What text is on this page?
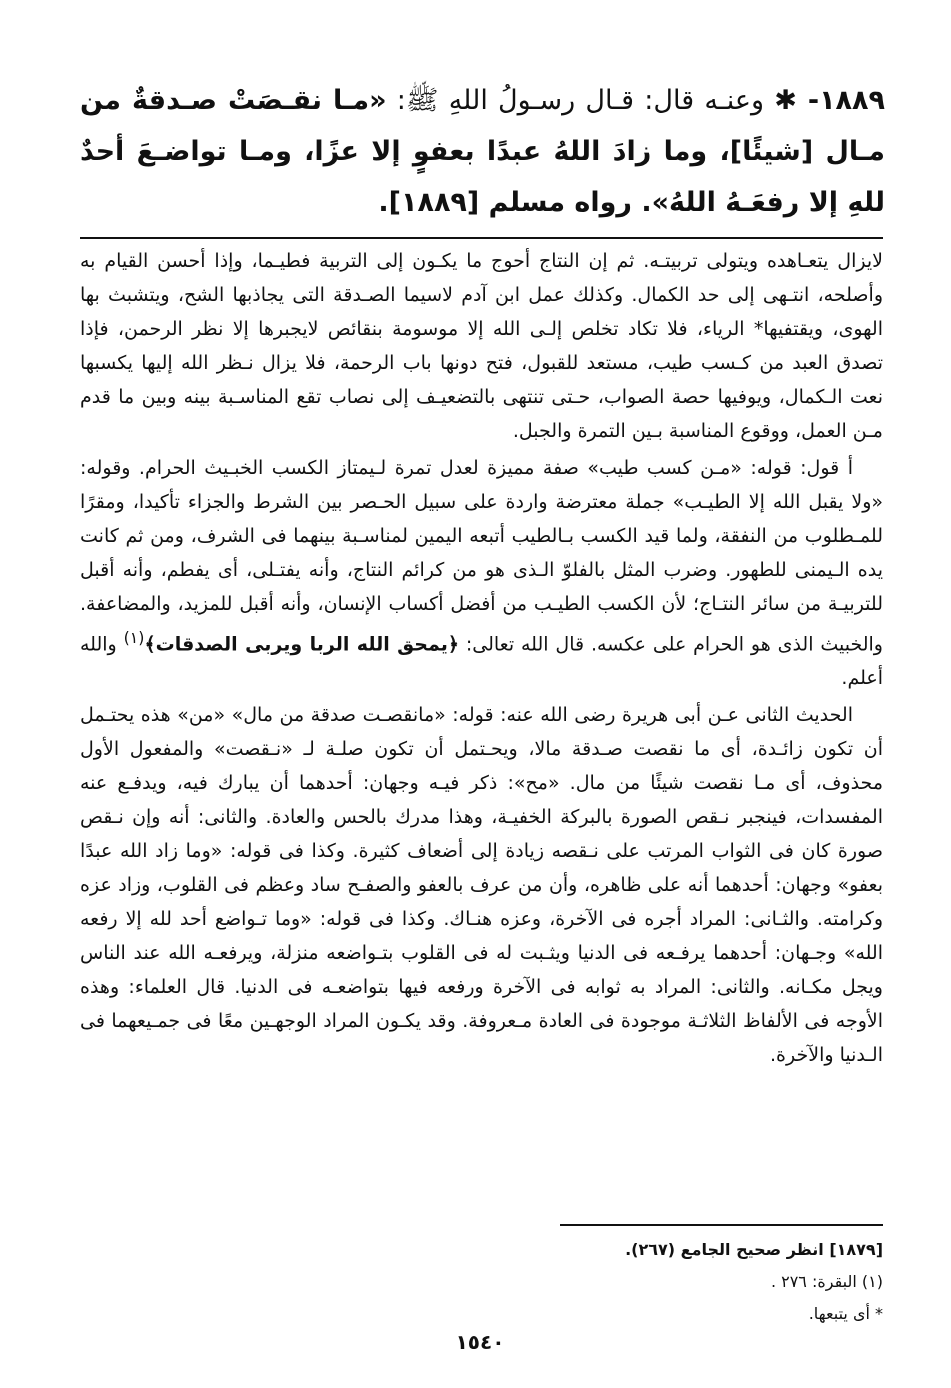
١٨٨٩- ✱ وعنـه قال: قـال رسـولُ اللهِ ﷺ: «مـا نقـصَتْ صـدقةٌ من مـال [شيئًا]، وما زادَ اللهُ عبدًا بعفوٍ إلا عزًا، ومـا تواضـعَ أحدٌ للهِ إلا رفعَـهُ اللهُ». رواه مسلم [١٨٨٩].

لايزال يتعـاهده ويتولى تربيتـه. ثم إن النتاج أحوج ما يكـون إلى التربية فطيـما، وإذا أحسن القيام به وأصلحه، انتـهى إلى حد الكمال. وكذلك عمل ابن آدم لاسيما الصـدقة التى يجاذبها الشح، ويتشبث بها الهوى، ويقتفيها* الرياء، فلا تكاد تخلص إلـى الله إلا موسومة بنقائص لايجبرها إلا نظر الرحمن، فإذا تصدق العبد من كـسب طيب، مستعد للقبول، فتح دونها باب الرحمة، فلا يزال نـظر الله إليها يكسبها نعت الـكمال، ويوفيها حصة الصواب، حـتى تنتهى بالتضعيـف إلى نصاب تقع المناسـبة بينه وبين ما قدم مـن العمل، ووقوع المناسبة بـين التمرة والجبل.

أ قول: قوله: «مـن كسب طيب» صفة مميزة لعدل تمرة لـيمتاز الكسب الخبـيث الحرام. وقوله: «ولا يقبل الله إلا الطيـب» جملة معترضة واردة على سبيل الحـصر بين الشرط والجزاء تأكيدا، ومقرًا للمـطلوب من النفقة، ولما قيد الكسب بـالطيب أتبعه اليمين لمناسـبة بينهما فى الشرف، ومن ثم كانت يده الـيمنى للطهور. وضرب المثل بالفلوّ الـذى هو من كرائم النتاج، وأنه يفتـلى، أى يفطم، وأنه أقبل للتربيـة من سائر النتـاج؛ لأن الكسب الطيـب من أفضل أكساب الإنسان، وأنه أقبل للمزيد، والمضاعفة. والخبيث الذى هو الحرام على عكسه. قال الله تعالى: ﴿يمحق الله الربا ويربى الصدقات﴾$^{(١)}$ والله أعلم.

الحديث الثانى عـن أبى هريرة رضى الله عنه: قوله: «مانقصـت صدقة من مال» «من» هذه يحتـمل أن تكون زائـدة، أى ما نقصت صـدقة مالا، ويحـتمل أن تكون صلـة لـ «نـقصت» والمفعول الأول محذوف، أى مـا نقصت شيئًا من مال. «مح»: ذكر فيـه وجهان: أحدهما أن يبارك فيه، ويدفـع عنه المفسدات، فينجبر نـقص الصورة بالبركة الخفيـة، وهذا مدرك بالحس والعادة. والثانى: أنه وإن نـقص صورة كان فى الثواب المرتب على نـقصه زيادة إلى أضعاف كثيرة. وكذا فى قوله: «وما زاد الله عبدًا بعفو» وجهان: أحدهما أنه على ظاهره، وأن من عرف بالعفو والصفـح ساد وعظم فى القلوب، وزاد عزه وكرامته. والثـانى: المراد أجره فى الآخرة، وعزه هنـاك. وكذا فى قوله: «وما تـواضع أحد لله إلا رفعه الله» وجـهان: أحدهما يرفـعه فى الدنيا ويثـبت له فى القلوب بتـواضعه منزلة، ويرفعـه الله عند الناس ويجل مكـانه. والثانى: المراد به ثوابه فى الآخرة ورفعه فيها بتواضعـه فى الدنيا. قال العلماء: وهذه الأوجه فى الألفاظ الثلاثـة موجودة فى العادة مـعروفة. وقد يكـون المراد الوجهـين معًا فى جمـيعهما فى الـدنيا والآخرة.

[١٨٧٩] انظر صحيح الجامع (٢٦٧).
(١) البقرة: ٢٧٦ .
* أى يتبعها.
١٥٤٠
